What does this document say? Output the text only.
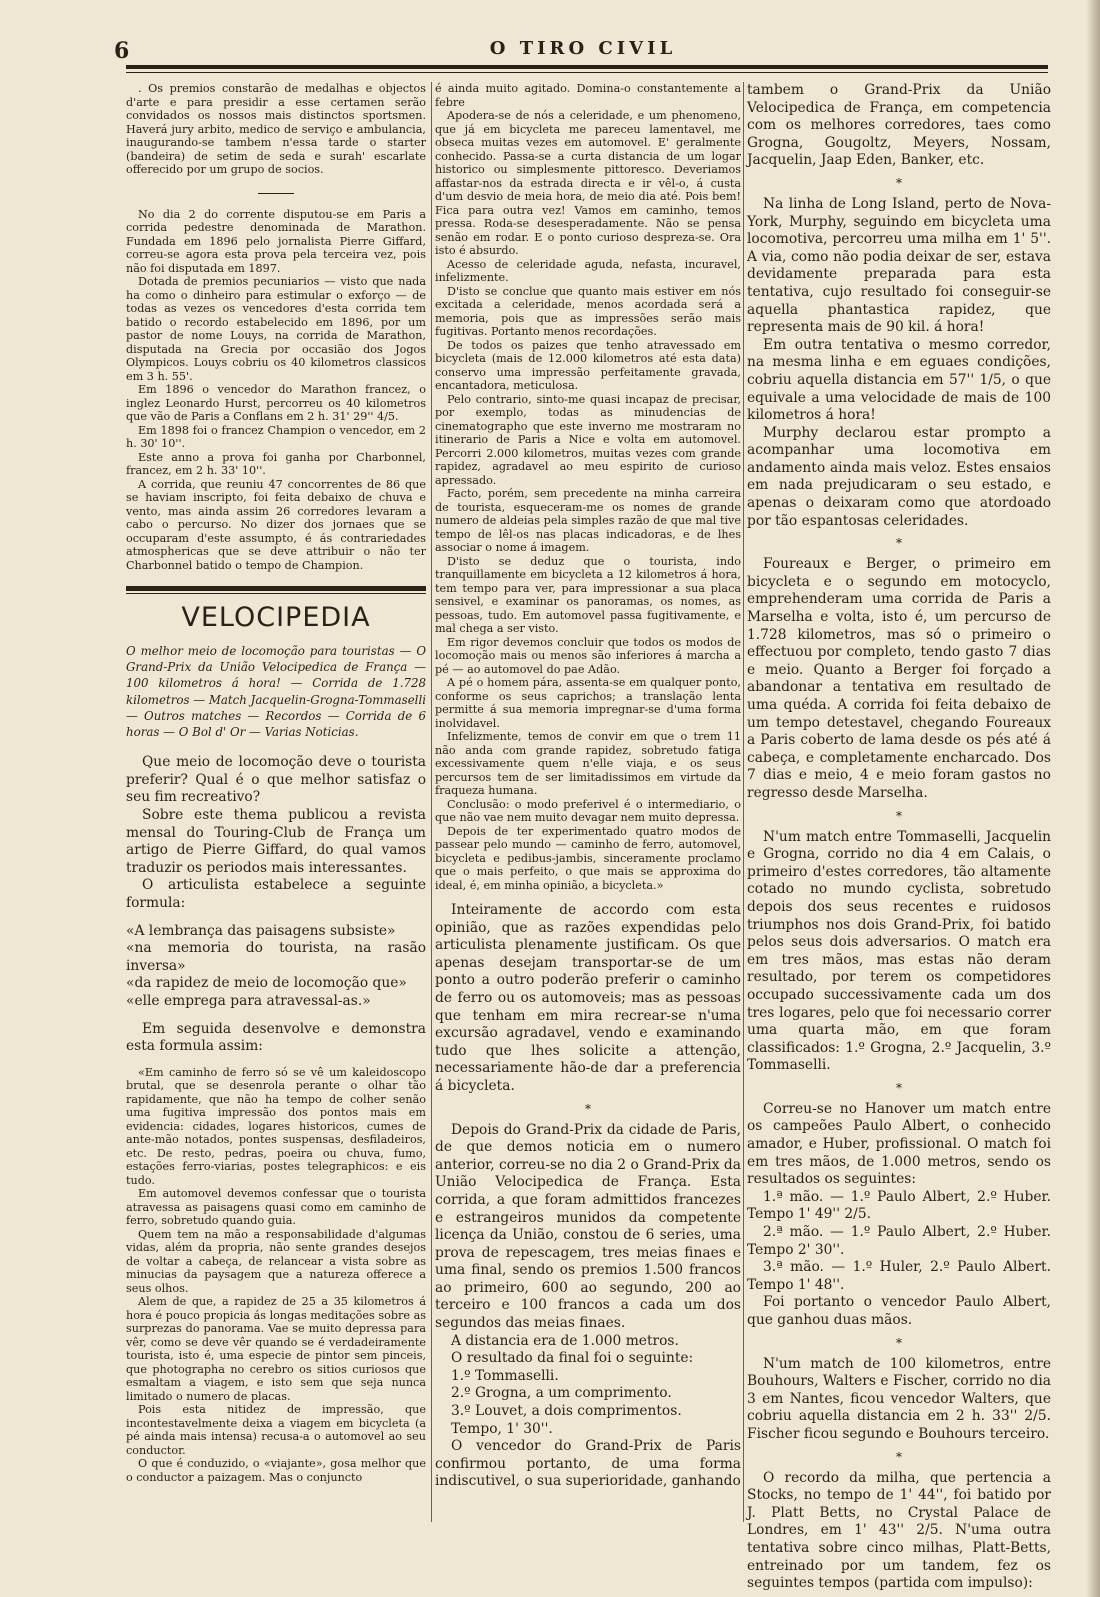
6	O TIRO CIVIL

. Os premios constarão de medalhas e objectos d'arte e para presidir a esse certamen serão convidados os nossos mais distinctos sportsmen. Haverá jury arbito, medico de serviço e ambulancia, inaugurando-se tambem n'essa tarde o starter (bandeira) de setim de seda e surah' escarlate offerecido por um grupo de socios.

No dia 2 do corrente disputou-se em Paris a corrida pedestre denominada de Marathon. Fundada em 1896 pelo jornalista Pierre Giffard, correu-se agora esta prova pela terceira vez, pois não foi disputada em 1897.

Dotada de premios pecuniarios — visto que nada ha como o dinheiro para estimular o exforço — de todas as vezes os vencedores d'esta corrida tem batido o recordo estabelecido em 1896, por um pastor de nome Louys, na corrida de Marathon, disputada na Grecia por occasião dos Jogos Olympicos. Louys cobriu os 40 kilometros classicos em 3 h. 55'.

Em 1896 o vencedor do Marathon francez, o inglez Leonardo Hurst, percorreu os 40 kilometros que vão de Paris a Conflans em 2 h. 31' 29'' 4/5.

Em 1898 foi o francez Champion o vencedor, em 2 h. 30' 10''.

Este anno a prova foi ganha por Charbonnel, francez, em 2 h. 33' 10''.

A corrida, que reuniu 47 concorrentes de 86 que se haviam inscripto, foi feita debaixo de chuva e vento, mas ainda assim 26 corredores levaram a cabo o percurso. No dizer dos jornaes que se occuparam d'este assumpto, é ás contrariedades atmosphericas que se deve attribuir o não ter Charbonnel batido o tempo de Champion.

VELOCIPEDIA

O melhor meio de locomoção para touristas — O Grand-Prix da União Velocipedica de França — 100 kilometros á hora! — Corrida de 1.728 kilometros — Match Jacquelin-Grogna-Tommaselli — Outros matches — Recordos — Corrida de 6 horas — O Bol d' Or — Varias Noticias.

Que meio de locomoção deve o tourista preferir? Qual é o que melhor satisfaz o seu fim recreativo?

Sobre este thema publicou a revista mensal do Touring-Club de França um artigo de Pierre Giffard, do qual vamos traduzir os periodos mais interessantes.

O articulista estabelece a seguinte formula:

«A lembrança das paisagens subsiste»

«na memoria do tourista, na rasão inversa»

«da rapidez de meio de locomoção que»

«elle emprega para atravessal-as.»

Em seguida desenvolve e demonstra esta formula assim:

«Em caminho de ferro só se vê um kaleidoscopo brutal, que se desenrola perante o olhar tão rapidamente, que não ha tempo de colher senão uma fugitiva impressão dos pontos mais em evidencia: cidades, logares historicos, cumes de ante-mão notados, pontes suspensas, desfiladeiros, etc. De resto, pedras, poeira ou chuva, fumo, estações ferro-viarias, postes telegraphicos: e eis tudo.

Em automovel devemos confessar que o tourista atravessa as paisagens quasi como em caminho de ferro, sobretudo quando guia.

Quem tem na mão a responsabilidade d'algumas vidas, além da propria, não sente grandes desejos de voltar a cabeça, de relancear a vista sobre as minucias da paysagem que a natureza offerece a seus olhos.

Alem de que, a rapidez de 25 a 35 kilometros á hora é pouco propicia ás longas meditações sobre as surprezas do panorama. Vae se muito depressa para vêr, como se deve vêr quando se é verdadeiramente tourista, isto é, uma especie de pintor sem pinceis, que photographa no cerebro os sitios curiosos que esmaltam a viagem, e isto sem que seja nunca limitado o numero de placas.

Pois esta nitidez de impressão, que incontestavelmente deixa a viagem em bicycleta (a pé ainda mais intensa) recusa-a o automovel ao seu conductor.

O que é conduzido, o «viajante», gosa melhor que o conductor a paizagem. Mas o conjuncto

é ainda muito agitado. Domina-o constantemente a febre

Apodera-se de nós a celeridade, e um phenomeno, que já em bicycleta me pareceu lamentavel, me obseca muitas vezes em automovel. E' geralmente conhecido. Passa-se a curta distancia de um logar historico ou simplesmente pittoresco. Deveriamos affastar-nos da estrada directa e ir vêl-o, á custa d'um desvio de meia hora, de meio dia até. Pois bem! Fica para outra vez! Vamos em caminho, temos pressa. Roda-se desesperadamente. Não se pensa senão em rodar. E o ponto curioso despreza-se. Ora isto é absurdo.

Acesso de celeridade aguda, nefasta, incuravel, infelizmente.

D'isto se conclue que quanto mais estiver em nós excitada a celeridade, menos acordada será a memoria, pois que as impressões serão mais fugitivas. Portanto menos recordações.

De todos os paizes que tenho atravessado em bicycleta (mais de 12.000 kilometros até esta data) conservo uma impressão perfeitamente gravada, encantadora, meticulosa.

Pelo contrario, sinto-me quasi incapaz de precisar, por exemplo, todas as minudencias de cinematographo que este inverno me mostraram no itinerario de Paris a Nice e volta em automovel. Percorri 2.000 kilometros, muitas vezes com grande rapidez, agradavel ao meu espirito de curioso apressado.

Facto, porém, sem precedente na minha carreira de tourista, esqueceram-me os nomes de grande numero de aldeias pela simples razão de que mal tive tempo de lêl-os nas placas indicadoras, e de lhes associar o nome á imagem.

D'isto se deduz que o tourista, indo tranquillamente em bicycleta a 12 kilometros á hora, tem tempo para ver, para impressionar a sua placa sensivel, e examinar os panoramas, os nomes, as pessoas, tudo. Em automovel passa fugitivamente, e mal chega a ser visto.

Em rigor devemos concluir que todos os modos de locomoção mais ou menos são inferiores á marcha a pé — ao automovel do pae Adão.

A pé o homem pára, assenta-se em qualquer ponto, conforme os seus caprichos; a translação lenta permitte á sua memoria impregnar-se d'uma forma inolvidavel.

Infelizmente, temos de convir em que o trem 11 não anda com grande rapidez, sobretudo fatiga excessivamente quem n'elle viaja, e os seus percursos tem de ser limitadissimos em virtude da fraqueza humana.

Conclusão: o modo preferivel é o intermediario, o que não vae nem muito devagar nem muito depressa.

Depois de ter experimentado quatro modos de passear pelo mundo — caminho de ferro, automovel, bicycleta e pedibus-jambis, sinceramente proclamo que o mais perfeito, o que mais se approxima do ideal, é, em minha opinião, a bicycleta.»

Inteiramente de accordo com esta opinião, que as razões expendidas pelo articulista plenamente justificam. Os que apenas desejam transportar-se de um ponto a outro poderão preferir o caminho de ferro ou os automoveis; mas as pessoas que tenham em mira recrear-se n'uma excursão agradavel, vendo e examinando tudo que lhes solicite a attenção, necessariamente hão-de dar a preferencia á bicycleta.

*

Depois do Grand-Prix da cidade de Paris, de que demos noticia em o numero anterior, correu-se no dia 2 o Grand-Prix da União Velocipedica de França. Esta corrida, a que foram admittidos francezes e estrangeiros munidos da competente licença da União, constou de 6 series, uma prova de repescagem, tres meias finaes e uma final, sendo os premios 1.500 francos ao primeiro, 600 ao segundo, 200 ao terceiro e 100 francos a cada um dos segundos das meias finaes.

A distancia era de 1.000 metros.

O resultado da final foi o seguinte:

1.º Tommaselli.

2.º Grogna, a um comprimento.

3.º Louvet, a dois comprimentos.

Tempo, 1' 30''.

O vencedor do Grand-Prix de Paris confirmou portanto, de uma forma indiscutivel, o sua superioridade, ganhando

tambem o Grand-Prix da União Velocipedica de França, em competencia com os melhores corredores, taes como Grogna, Gougoltz, Meyers, Nossam, Jacquelin, Jaap Eden, Banker, etc.

*

Na linha de Long Island, perto de Nova-York, Murphy, seguindo em bicycleta uma locomotiva, percorreu uma milha em 1' 5''. A via, como não podia deixar de ser, estava devidamente preparada para esta tentativa, cujo resultado foi conseguir-se aquella phantastica rapidez, que representa mais de 90 kil. á hora!

Em outra tentativa o mesmo corredor, na mesma linha e em eguaes condições, cobriu aquella distancia em 57'' 1/5, o que equivale a uma velocidade de mais de 100 kilometros á hora!

Murphy declarou estar prompto a acompanhar uma locomotiva em andamento ainda mais veloz. Estes ensaios em nada prejudicaram o seu estado, e apenas o deixaram como que atordoado por tão espantosas celeridades.

*

Foureaux e Berger, o primeiro em bicycleta e o segundo em motocyclo, emprehenderam uma corrida de Paris a Marselha e volta, isto é, um percurso de 1.728 kilometros, mas só o primeiro o effectuou por completo, tendo gasto 7 dias e meio. Quanto a Berger foi forçado a abandonar a tentativa em resultado de uma quéda. A corrida foi feita debaixo de um tempo detestavel, chegando Foureaux a Paris coberto de lama desde os pés até á cabeça, e completamente encharcado. Dos 7 dias e meio, 4 e meio foram gastos no regresso desde Marselha.

*

N'um match entre Tommaselli, Jacquelin e Grogna, corrido no dia 4 em Calais, o primeiro d'estes corredores, tão altamente cotado no mundo cyclista, sobretudo depois dos seus recentes e ruidosos triumphos nos dois Grand-Prix, foi batido pelos seus dois adversarios. O match era em tres mãos, mas estas não deram resultado, por terem os competidores occupado successivamente cada um dos tres logares, pelo que foi necessario correr uma quarta mão, em que foram classificados: 1.º Grogna, 2.º Jacquelin, 3.º Tommaselli.

*

Correu-se no Hanover um match entre os campeões Paulo Albert, o conhecido amador, e Huber, profissional. O match foi em tres mãos, de 1.000 metros, sendo os resultados os seguintes:

1.ª mão. — 1.º Paulo Albert, 2.º Huber. Tempo 1' 49'' 2/5.

2.ª mão. — 1.º Paulo Albert, 2.º Huber. Tempo 2' 30''.

3.ª mão. — 1.º Huler, 2.º Paulo Albert. Tempo 1' 48''.

Foi portanto o vencedor Paulo Albert, que ganhou duas mãos.

*

N'um match de 100 kilometros, entre Bouhours, Walters e Fischer, corrido no dia 3 em Nantes, ficou vencedor Walters, que cobriu aquella distancia em 2 h. 33'' 2/5. Fischer ficou segundo e Bouhours terceiro.

*

O recordo da milha, que pertencia a Stocks, no tempo de 1' 44'', foi batido por J. Platt Betts, no Crystal Palace de Londres, em 1' 43'' 2/5. N'uma outra tentativa sobre cinco milhas, Platt-Betts, entreinado por um tandem, fez os seguintes tempos (partida com impulso):
